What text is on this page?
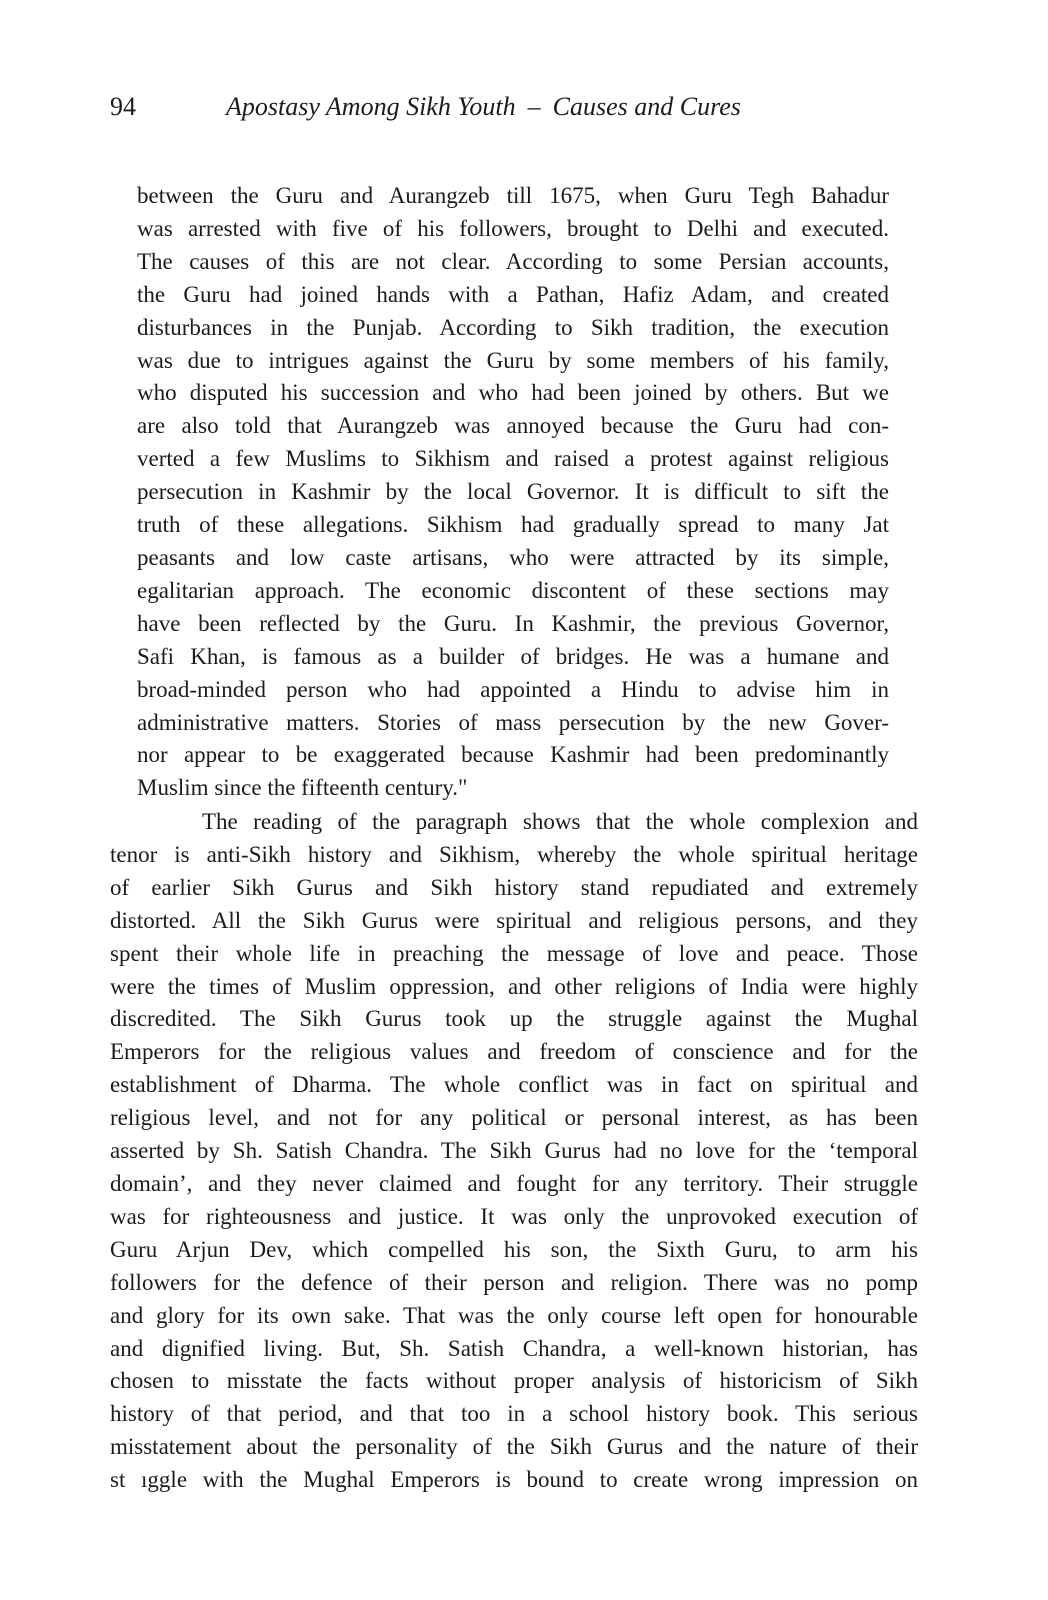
94	Apostasy Among Sikh Youth – Causes and Cures
between the Guru and Aurangzeb till 1675, when Guru Tegh Bahadur
was arrested with five of his followers, brought to Delhi and executed.
The causes of this are not clear. According to some Persian accounts,
the Guru had joined hands with a Pathan, Hafiz Adam, and created
disturbances in the Punjab. According to Sikh tradition, the execution
was due to intrigues against the Guru by some members of his family,
who disputed his succession and who had been joined by others. But we
are also told that Aurangzeb was annoyed because the Guru had con-
verted a few Muslims to Sikhism and raised a protest against religious
persecution in Kashmir by the local Governor. It is difficult to sift the
truth of these allegations. Sikhism had gradually spread to many Jat
peasants and low caste artisans, who were attracted by its simple,
egalitarian approach. The economic discontent of these sections may
have been reflected by the Guru. In Kashmir, the previous Governor,
Safi Khan, is famous as a builder of bridges. He was a humane and
broad-minded person who had appointed a Hindu to advise him in
administrative matters. Stories of mass persecution by the new Gover-
nor appear to be exaggerated because Kashmir had been predominantly
Muslim since the fifteenth century."
The reading of the paragraph shows that the whole complexion and
tenor is anti-Sikh history and Sikhism, whereby the whole spiritual heritage
of earlier Sikh Gurus and Sikh history stand repudiated and extremely
distorted. All the Sikh Gurus were spiritual and religious persons, and they
spent their whole life in preaching the message of love and peace. Those
were the times of Muslim oppression, and other religions of India were highly
discredited. The Sikh Gurus took up the struggle against the Mughal
Emperors for the religious values and freedom of conscience and for the
establishment of Dharma. The whole conflict was in fact on spiritual and
religious level, and not for any political or personal interest, as has been
asserted by Sh. Satish Chandra. The Sikh Gurus had no love for the ‘temporal
domain’, and they never claimed and fought for any territory. Their struggle
was for righteousness and justice. It was only the unprovoked execution of
Guru Arjun Dev, which compelled his son, the Sixth Guru, to arm his
followers for the defence of their person and religion. There was no pomp
and glory for its own sake. That was the only course left open for honourable
and dignified living. But, Sh. Satish Chandra, a well-known historian, has
chosen to misstate the facts without proper analysis of historicism of Sikh
history of that period, and that too in a school history book. This serious
misstatement about the personality of the Sikh Gurus and the nature of their
st ıggle with the Mughal Emperors is bound to create wrong impression on
